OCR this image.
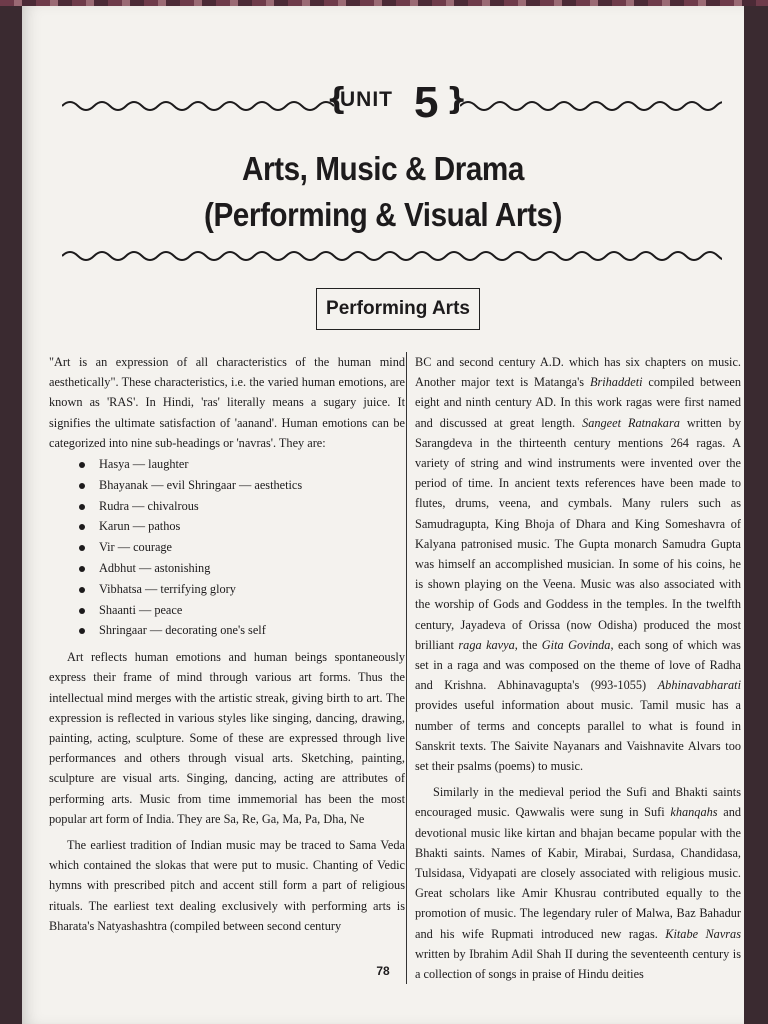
{
UNIT 5 }
Arts, Music & Drama
(Performing & Visual Arts)
Performing Arts

"Art is an expression of all characteristics of the human mind aesthetically". These characteristics, i.e. the varied human emotions, are known as 'RAS'. In Hindi, 'ras' literally means a sugary juice. It signifies the ultimate satisfaction of 'aanand'. Human emotions can be categorized into nine sub-headings or 'navras'. They are:

Hasya — laughter
Bhayanak — evil Shringaar — aesthetics
Rudra — chivalrous
Karun — pathos
Vir — courage
Adbhut — astonishing
Vibhatsa — terrifying glory
Shaanti — peace
Shringaar — decorating one's self

Art reflects human emotions and human beings spontaneously express their frame of mind through various art forms. Thus the intellectual mind merges with the artistic streak, giving birth to art. The expression is reflected in various styles like singing, dancing, drawing, painting, acting, sculpture. Some of these are expressed through live performances and others through visual arts. Sketching, painting, sculpture are visual arts. Singing, dancing, acting are attributes of performing arts. Music from time immemorial has been the most popular art form of India. They are Sa, Re, Ga, Ma, Pa, Dha, Ne

The earliest tradition of Indian music may be traced to Sama Veda which contained the slokas that were put to music. Chanting of Vedic hymns with prescribed pitch and accent still form a part of religious rituals. The earliest text dealing exclusively with performing arts is Bharata's Natyashashtra (compiled between second century

BC and second century A.D. which has six chapters on music. Another major text is Matanga's Brihaddeti compiled between eight and ninth century AD. In this work ragas were first named and discussed at great length. Sangeet Ratnakara written by Sarangdeva in the thirteenth century mentions 264 ragas. A variety of string and wind instruments were invented over the period of time. In ancient texts references have been made to flutes, drums, veena, and cymbals. Many rulers such as Samudragupta, King Bhoja of Dhara and King Someshavra of Kalyana patronised music. The Gupta monarch Samudra Gupta was himself an accomplished musician. In some of his coins, he is shown playing on the Veena. Music was also associated with the worship of Gods and Goddess in the temples. In the twelfth century, Jayadeva of Orissa (now Odisha) produced the most brilliant raga kavya, the Gita Govinda, each song of which was set in a raga and was composed on the theme of love of Radha and Krishna. Abhinavagupta's (993-1055) Abhinavabharati provides useful information about music. Tamil music has a number of terms and concepts parallel to what is found in Sanskrit texts. The Saivite Nayanars and Vaishnavite Alvars too set their psalms (poems) to music.

Similarly in the medieval period the Sufi and Bhakti saints encouraged music. Qawwalis were sung in Sufi khanqahs and devotional music like kirtan and bhajan became popular with the Bhakti saints. Names of Kabir, Mirabai, Surdasa, Chandidasa, Tulsidasa, Vidyapati are closely associated with religious music. Great scholars like Amir Khusrau contributed equally to the promotion of music. The legendary ruler of Malwa, Baz Bahadur and his wife Rupmati introduced new ragas. Kitabe Navras written by Ibrahim Adil Shah II during the seventeenth century is a collection of songs in praise of Hindu deities

78
